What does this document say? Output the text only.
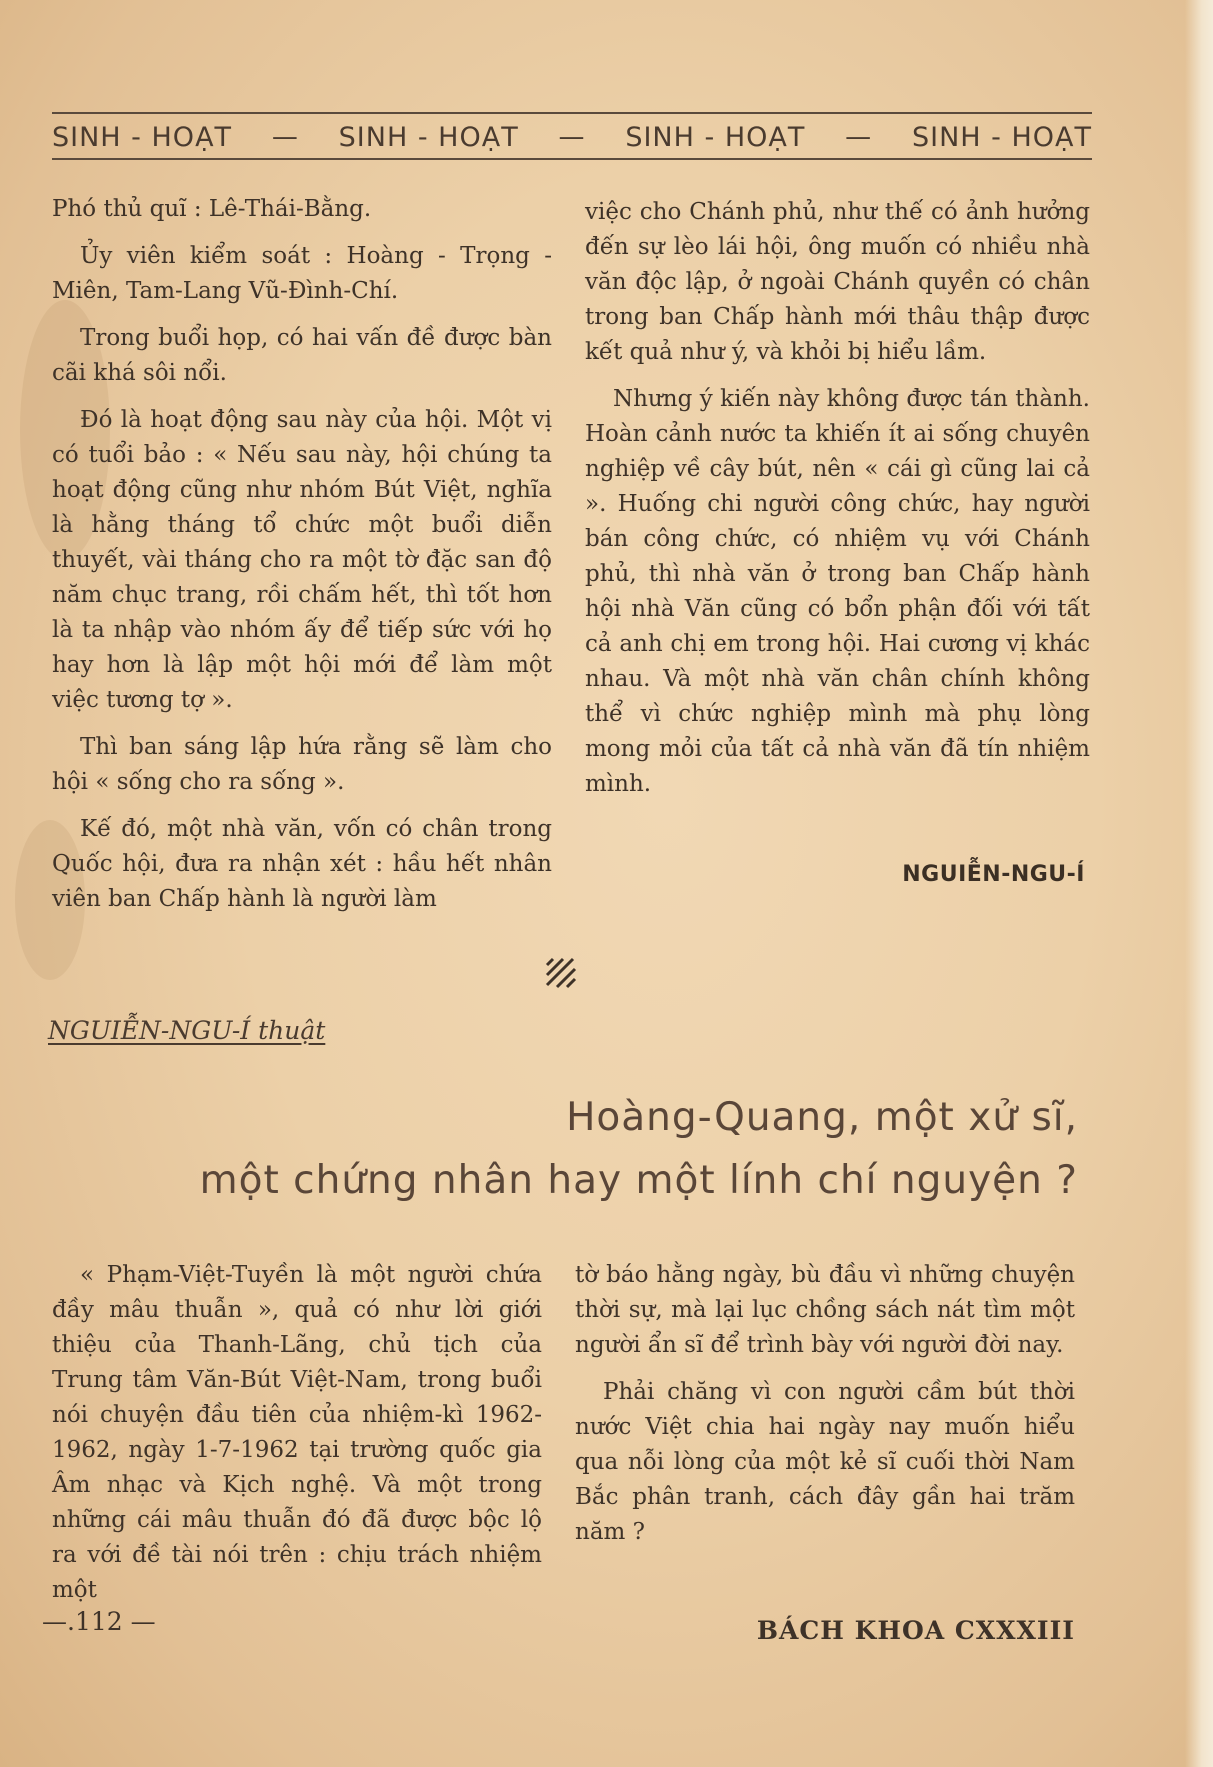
SINH - HOẠT — SINH - HOẠT — SINH - HOẠT — SINH - HOẠT

Phó thủ quĩ : Lê-Thái-Bằng.

Ủy viên kiểm soát : Hoàng - Trọng - Miên, Tam-Lang Vũ-Đình-Chí.

Trong buổi họp, có hai vấn đề được bàn cãi khá sôi nổi.

Đó là hoạt động sau này của hội. Một vị có tuổi bảo : « Nếu sau này, hội chúng ta hoạt động cũng như nhóm Bút Việt, nghĩa là hằng tháng tổ chức một buổi diễn thuyết, vài tháng cho ra một tờ đặc san độ năm chục trang, rồi chấm hết, thì tốt hơn là ta nhập vào nhóm ấy để tiếp sức với họ hay hơn là lập một hội mới để làm một việc tương tợ ».

Thì ban sáng lập hứa rằng sẽ làm cho hội « sống cho ra sống ».

Kế đó, một nhà văn, vốn có chân trong Quốc hội, đưa ra nhận xét : hầu hết nhân viên ban Chấp hành là người làm

việc cho Chánh phủ, như thế có ảnh hưởng đến sự lèo lái hội, ông muốn có nhiều nhà văn độc lập, ở ngoài Chánh quyền có chân trong ban Chấp hành mới thâu thập được kết quả như ý, và khỏi bị hiểu lầm.

Nhưng ý kiến này không được tán thành. Hoàn cảnh nước ta khiến ít ai sống chuyên nghiệp về cây bút, nên « cái gì cũng lai cả ». Huống chi người công chức, hay người bán công chức, có nhiệm vụ với Chánh phủ, thì nhà văn ở trong ban Chấp hành hội nhà Văn cũng có bổn phận đối với tất cả anh chị em trong hội. Hai cương vị khác nhau. Và một nhà văn chân chính không thể vì chức nghiệp mình mà phụ lòng mong mỏi của tất cả nhà văn đã tín nhiệm mình.

NGUIỄN-NGU-Í
NGUIỄN-NGU-Í thuật
Hoàng-Quang, một xử sĩ,
một chứng nhân hay một lính chí nguyện ?

« Phạm-Việt-Tuyền là một người chứa đầy mâu thuẫn », quả có như lời giới thiệu của Thanh-Lãng, chủ tịch của Trung tâm Văn-Bút Việt-Nam, trong buổi nói chuyện đầu tiên của nhiệm-kì 1962-1962, ngày 1-7-1962 tại trường quốc gia Âm nhạc và Kịch nghệ. Và một trong những cái mâu thuẫn đó đã được bộc lộ ra với đề tài nói trên : chịu trách nhiệm một

tờ báo hằng ngày, bù đầu vì những chuyện thời sự, mà lại lục chồng sách nát tìm một người ẩn sĩ để trình bày với người đời nay.

Phải chăng vì con người cầm bút thời nước Việt chia hai ngày nay muốn hiểu qua nỗi lòng của một kẻ sĩ cuối thời Nam Bắc phân tranh, cách đây gần hai trăm năm ?

—.112 —	BÁCH KHOA CXXXIII
